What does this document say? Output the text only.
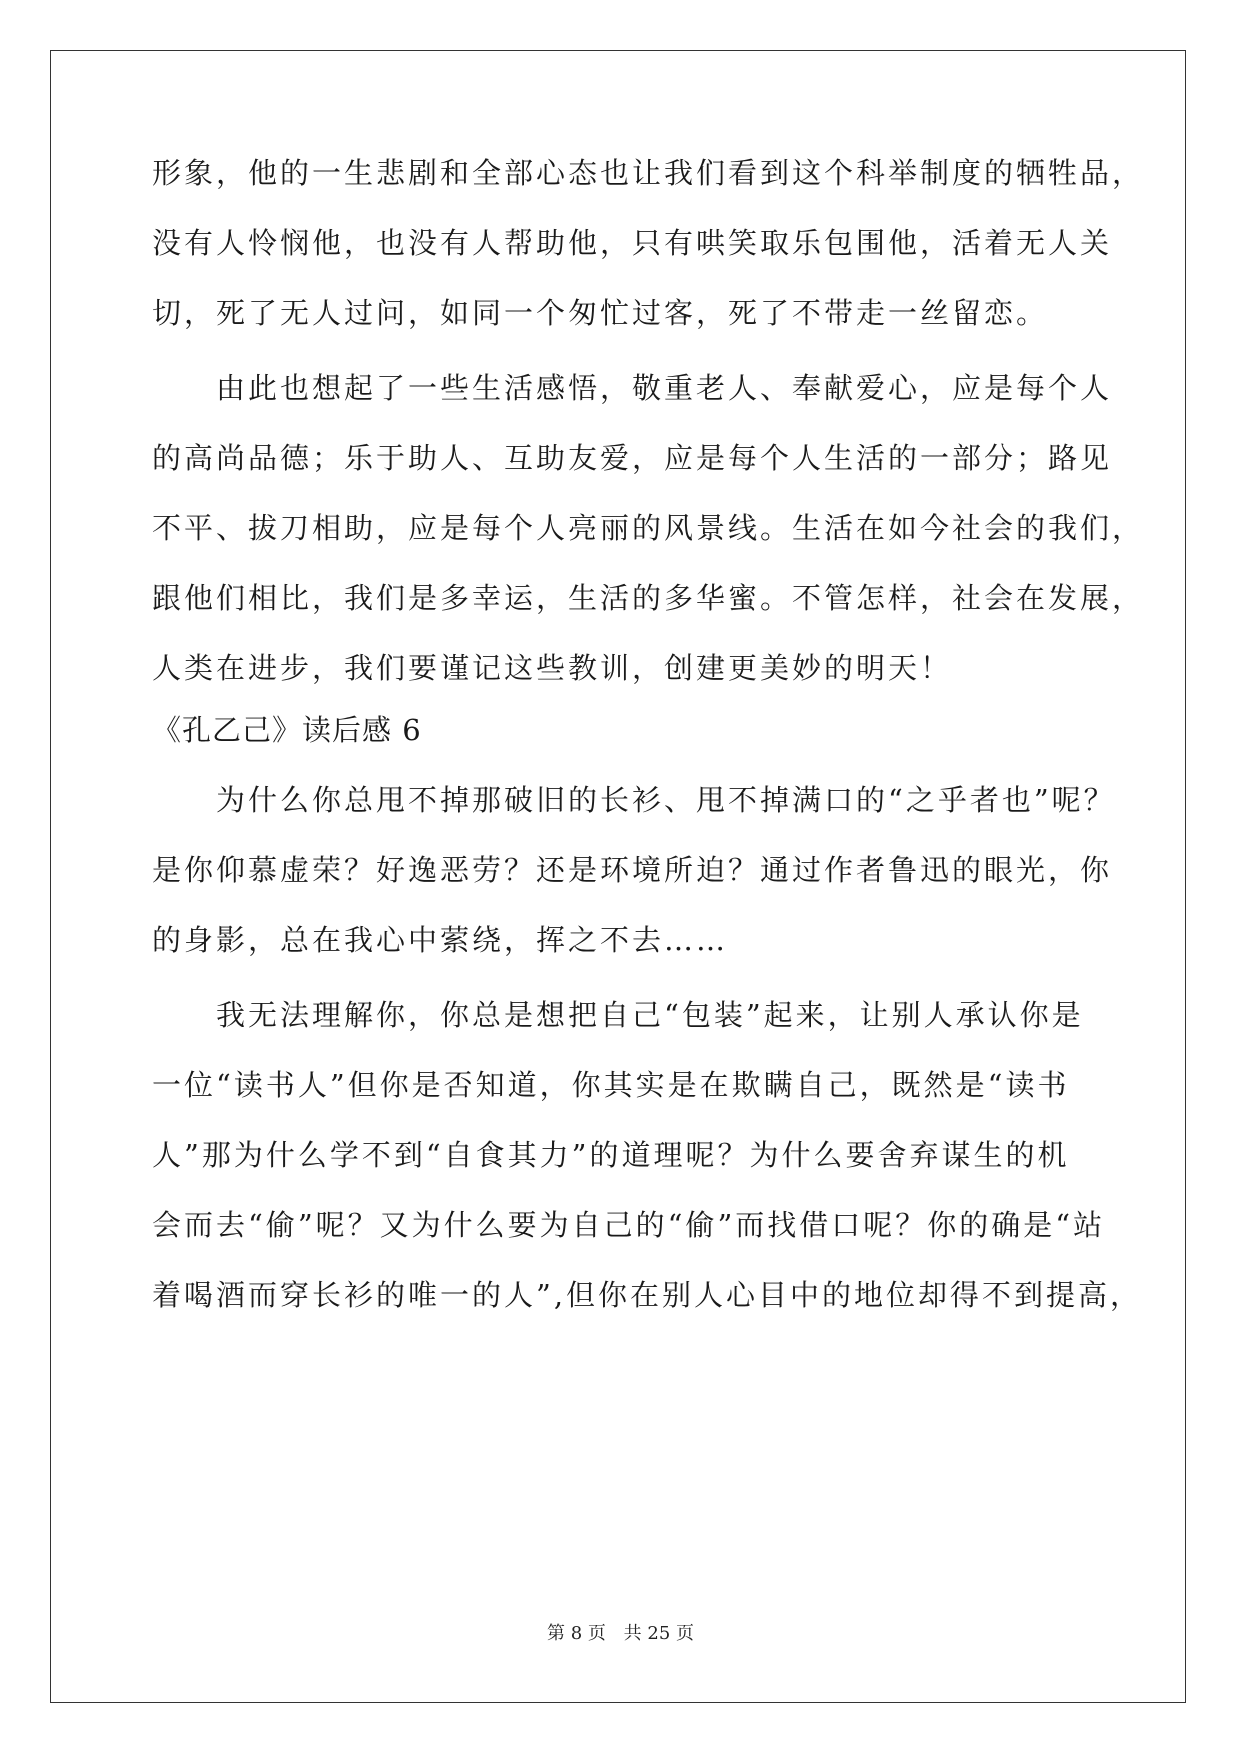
形象，他的一生悲剧和全部心态也让我们看到这个科举制度的牺牲品，
没有人怜悯他，也没有人帮助他，只有哄笑取乐包围他，活着无人关
切，死了无人过问，如同一个匆忙过客，死了不带走一丝留恋。
由此也想起了一些生活感悟，敬重老人、奉献爱心，应是每个人
的高尚品德；乐于助人、互助友爱，应是每个人生活的一部分；路见
不平、拔刀相助，应是每个人亮丽的风景线。生活在如今社会的我们，
跟他们相比，我们是多幸运，生活的多华蜜。不管怎样，社会在发展，
人类在进步，我们要谨记这些教训，创建更美妙的明天！
《孔乙己》读后感 6
为什么你总甩不掉那破旧的长衫、甩不掉满口的“之乎者也”呢？
是你仰慕虚荣？好逸恶劳？还是环境所迫？通过作者鲁迅的眼光，你
的身影，总在我心中萦绕，挥之不去……
我无法理解你，你总是想把自己“包装”起来，让别人承认你是
一位“读书人”但你是否知道，你其实是在欺瞒自己，既然是“读书
人”那为什么学不到“自食其力”的道理呢？为什么要舍弃谋生的机
会而去“偷”呢？又为什么要为自己的“偷”而找借口呢？你的确是“站
着喝酒而穿长衫的唯一的人”,但你在别人心目中的地位却得不到提高，
第 8 页 共 25 页
